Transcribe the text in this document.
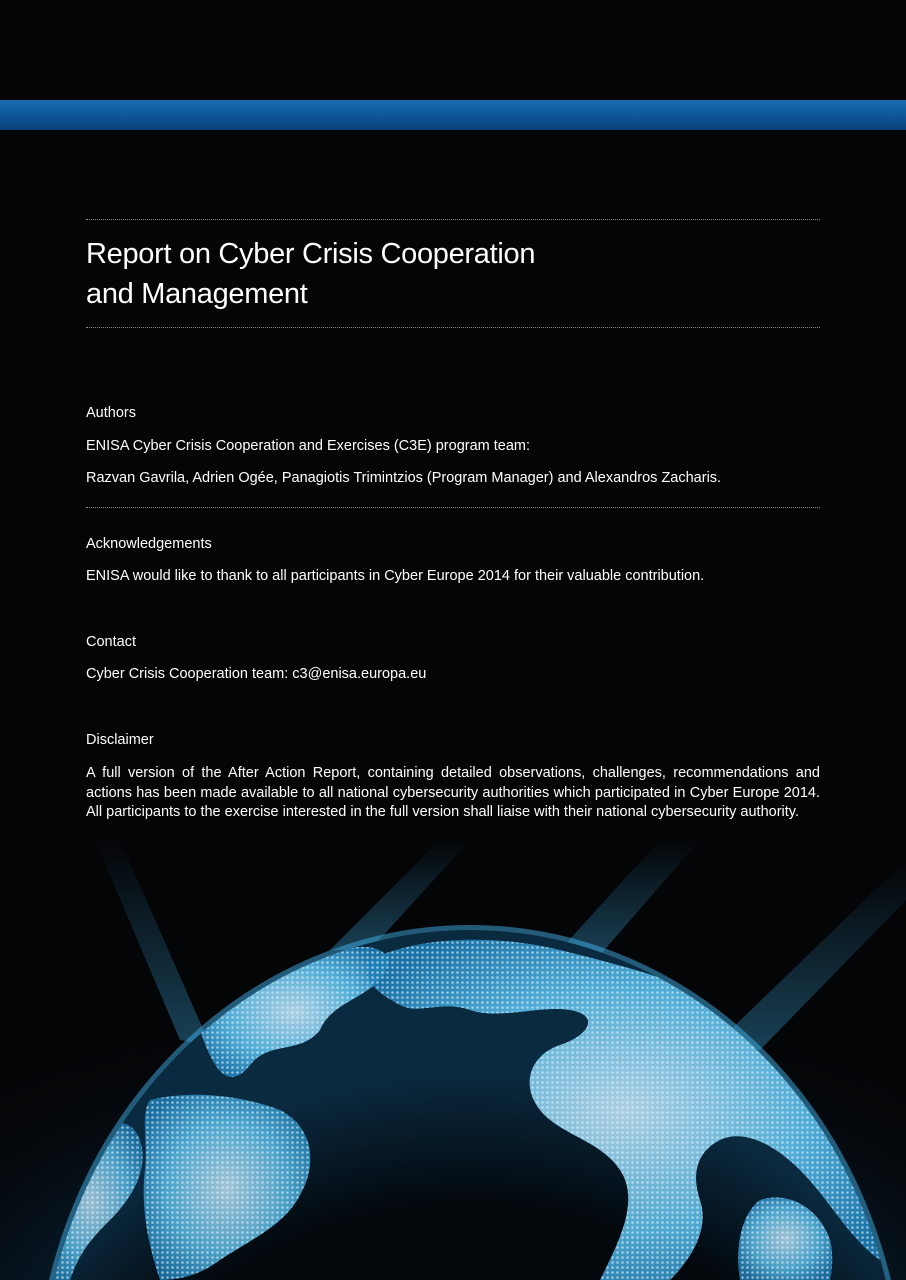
Report on Cyber Crisis Cooperation
and Management
Authors
ENISA Cyber Crisis Cooperation and Exercises (C3E) program team:
Razvan Gavrila, Adrien Ogée, Panagiotis Trimintzios (Program Manager) and Alexandros Zacharis.
Acknowledgements
ENISA would like to thank to all participants in Cyber Europe 2014 for their valuable contribution.
Contact
Cyber Crisis Cooperation team: c3@enisa.europa.eu
Disclaimer
A full version of the After Action Report, containing detailed observations, challenges, recommendations and actions has been made available to all national cybersecurity authorities which participated in Cyber Europe 2014. All participants to the exercise interested in the full version shall liaise with their national cybersecurity authority.
